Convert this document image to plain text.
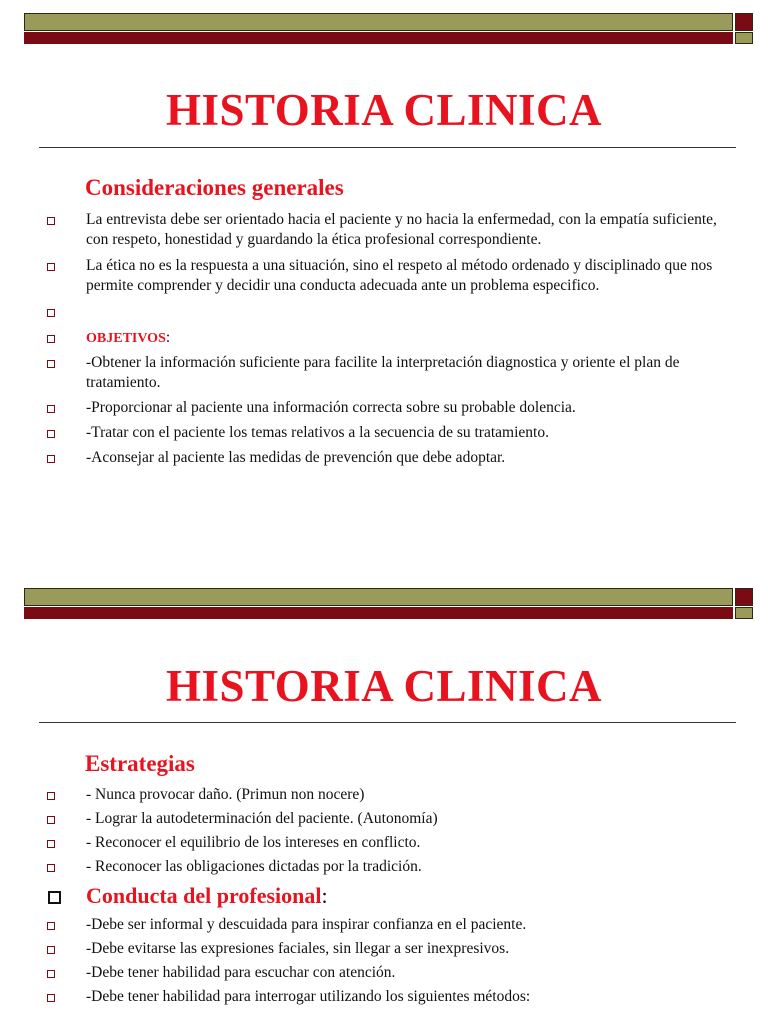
HISTORIA CLINICA
Consideraciones generales
La entrevista debe ser orientado hacia el paciente y no hacia la enfermedad, con la empatía suficiente, con respeto, honestidad y guardando la ética profesional correspondiente.
La ética no es la respuesta a una situación, sino el respeto al método ordenado y disciplinado que nos permite comprender y decidir una conducta adecuada ante un problema especifico.
OBJETIVOS:
-Obtener la información suficiente para facilite la interpretación diagnostica y oriente el plan de tratamiento.
-Proporcionar al paciente una información correcta sobre su probable dolencia.
-Tratar con el paciente los temas relativos a la secuencia de su tratamiento.
-Aconsejar al paciente las medidas de prevención que debe adoptar.
HISTORIA CLINICA
Estrategias
- Nunca provocar daño. (Primun non nocere)
- Lograr la autodeterminación del paciente. (Autonomía)
- Reconocer el equilibrio de los intereses en conflicto.
- Reconocer las obligaciones dictadas por la tradición.
Conducta del profesional:
-Debe ser informal y descuidada para inspirar confianza en el paciente.
-Debe evitarse las expresiones faciales, sin llegar a ser inexpresivos.
-Debe tener habilidad para escuchar con atención.
-Debe tener habilidad para interrogar utilizando los siguientes métodos:
